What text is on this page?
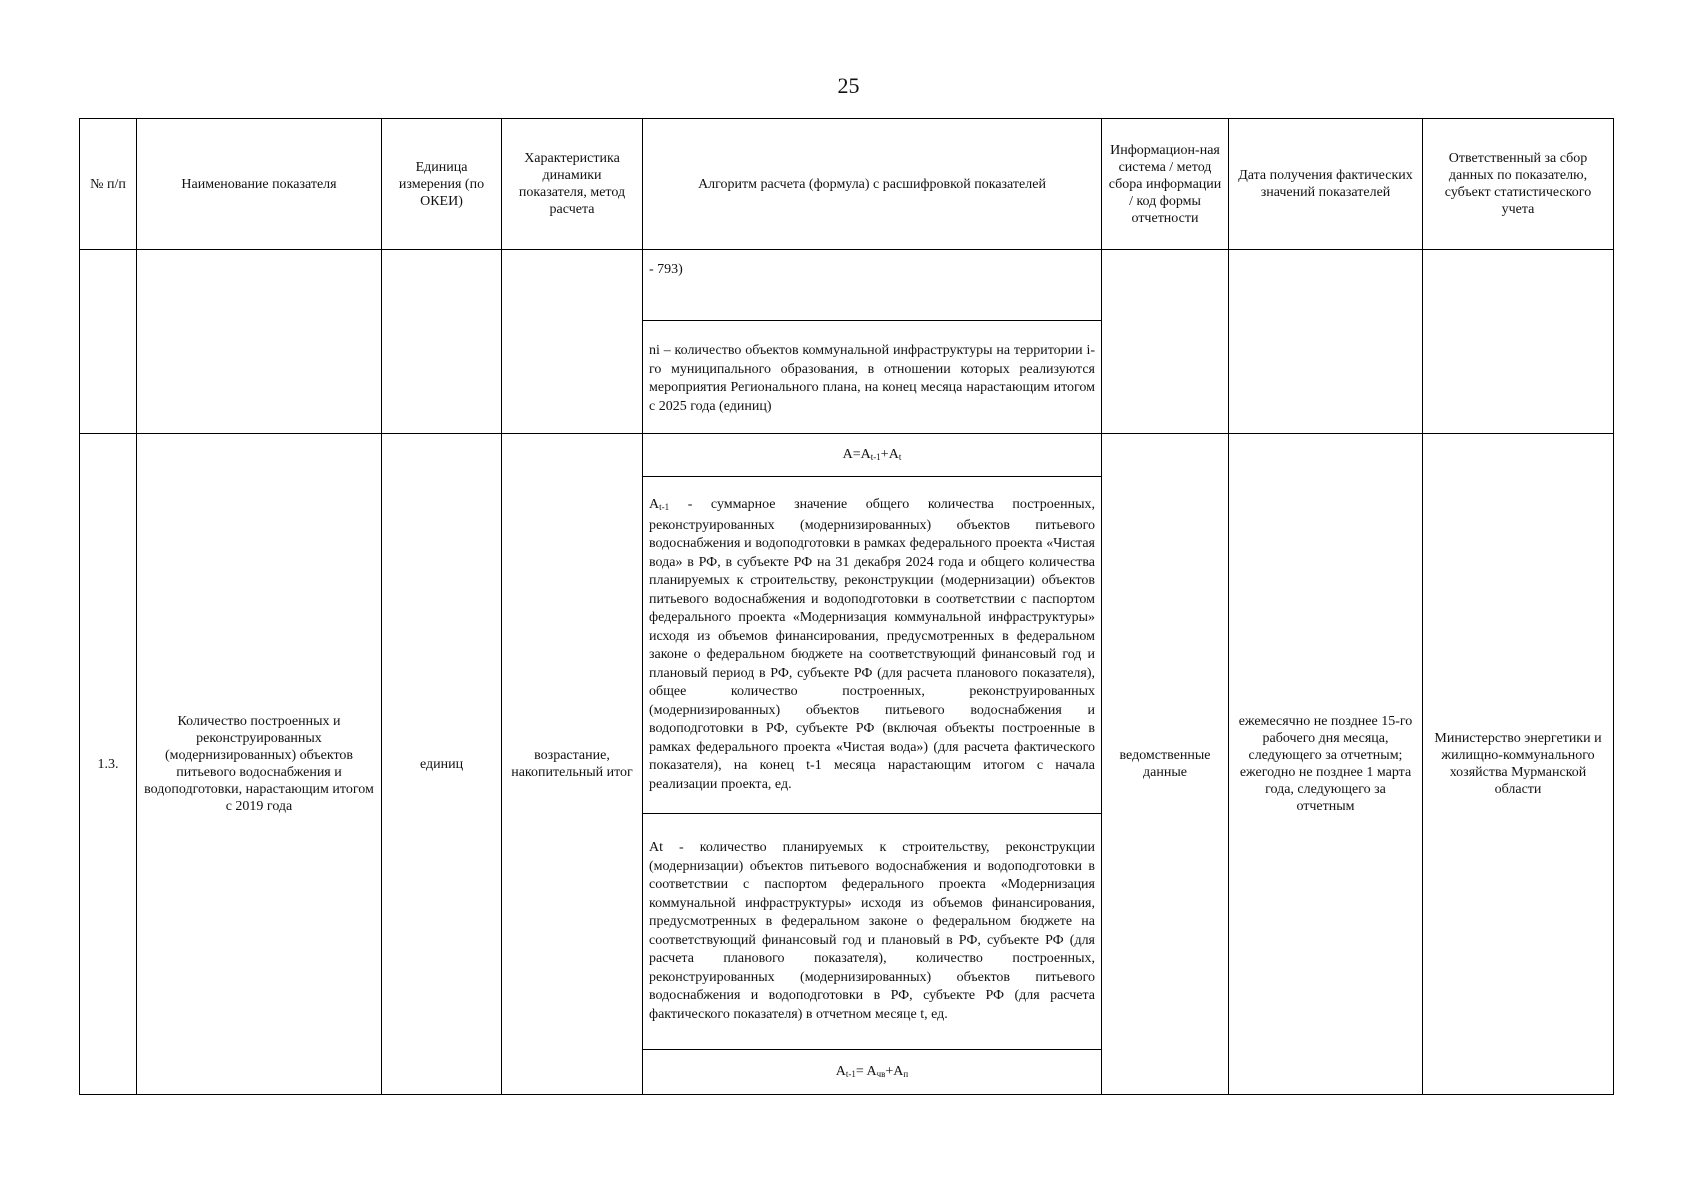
25
№ п/п	Наименование показателя	Единица измерения (по ОКЕИ)	Характеристика динамики показателя, метод расчета	Алгоритм расчета (формула) с расшифровкой показателей	Информацион-ная система / метод сбора информации / код формы отчетности	Дата получения фактических значений показателей	Ответственный за сбор данных по показателю, субъект статистического учета
				- 793)			
				ni – количество объектов коммунальной инфраструктуры на территории i-го муниципального образования, в отношении которых реализуются мероприятия Регионального плана, на конец месяца нарастающим итогом с 2025 года (единиц)			
1.3.	Количество построенных и реконструированных (модернизированных) объектов питьевого водоснабжения и водоподготовки, нарастающим итогом с 2019 года	единиц	возрастание, накопительный итог	$A=A_{t-1}+A_t$	ведомственные данные	ежемесячно не позднее 15-го рабочего дня месяца, следующего за отчетным; ежегодно не позднее 1 марта года, следующего за отчетным	Министерство энергетики и жилищно-коммунального хозяйства Мурманской области
				$A_{t-1}$ - суммарное значение общего количества построенных, реконструированных (модернизированных) объектов питьевого водоснабжения и водоподготовки в рамках федерального проекта «Чистая вода» в РФ, в субъекте РФ на 31 декабря 2024 года и общего количества планируемых к строительству, реконструкции (модернизации) объектов питьевого водоснабжения и водоподготовки в соответствии с паспортом федерального проекта «Модернизация коммунальной инфраструктуры» исходя из объемов финансирования, предусмотренных в федеральном законе о федеральном бюджете на соответствующий финансовый год и плановый период в РФ, субъекте РФ (для расчета планового показателя), общее количество построенных, реконструированных (модернизированных) объектов питьевого водоснабжения и водоподготовки в РФ, субъекте РФ (включая объекты построенные в рамках федерального проекта «Чистая вода») (для расчета фактического показателя), на конец t-1 месяца нарастающим итогом с начала реализации проекта, ед.			
				At - количество планируемых к строительству, реконструкции (модернизации) объектов питьевого водоснабжения и водоподготовки в соответствии с паспортом федерального проекта «Модернизация коммунальной инфраструктуры» исходя из объемов финансирования, предусмотренных в федеральном законе о федеральном бюджете на соответствующий финансовый год и плановый в РФ, субъекте РФ (для расчета планового показателя), количество построенных, реконструированных (модернизированных) объектов питьевого водоснабжения и водоподготовки в РФ, субъекте РФ (для расчета фактического показателя) в отчетном месяце t, ед.			
				$A_{t-1}= A_{чв}+A_п$
